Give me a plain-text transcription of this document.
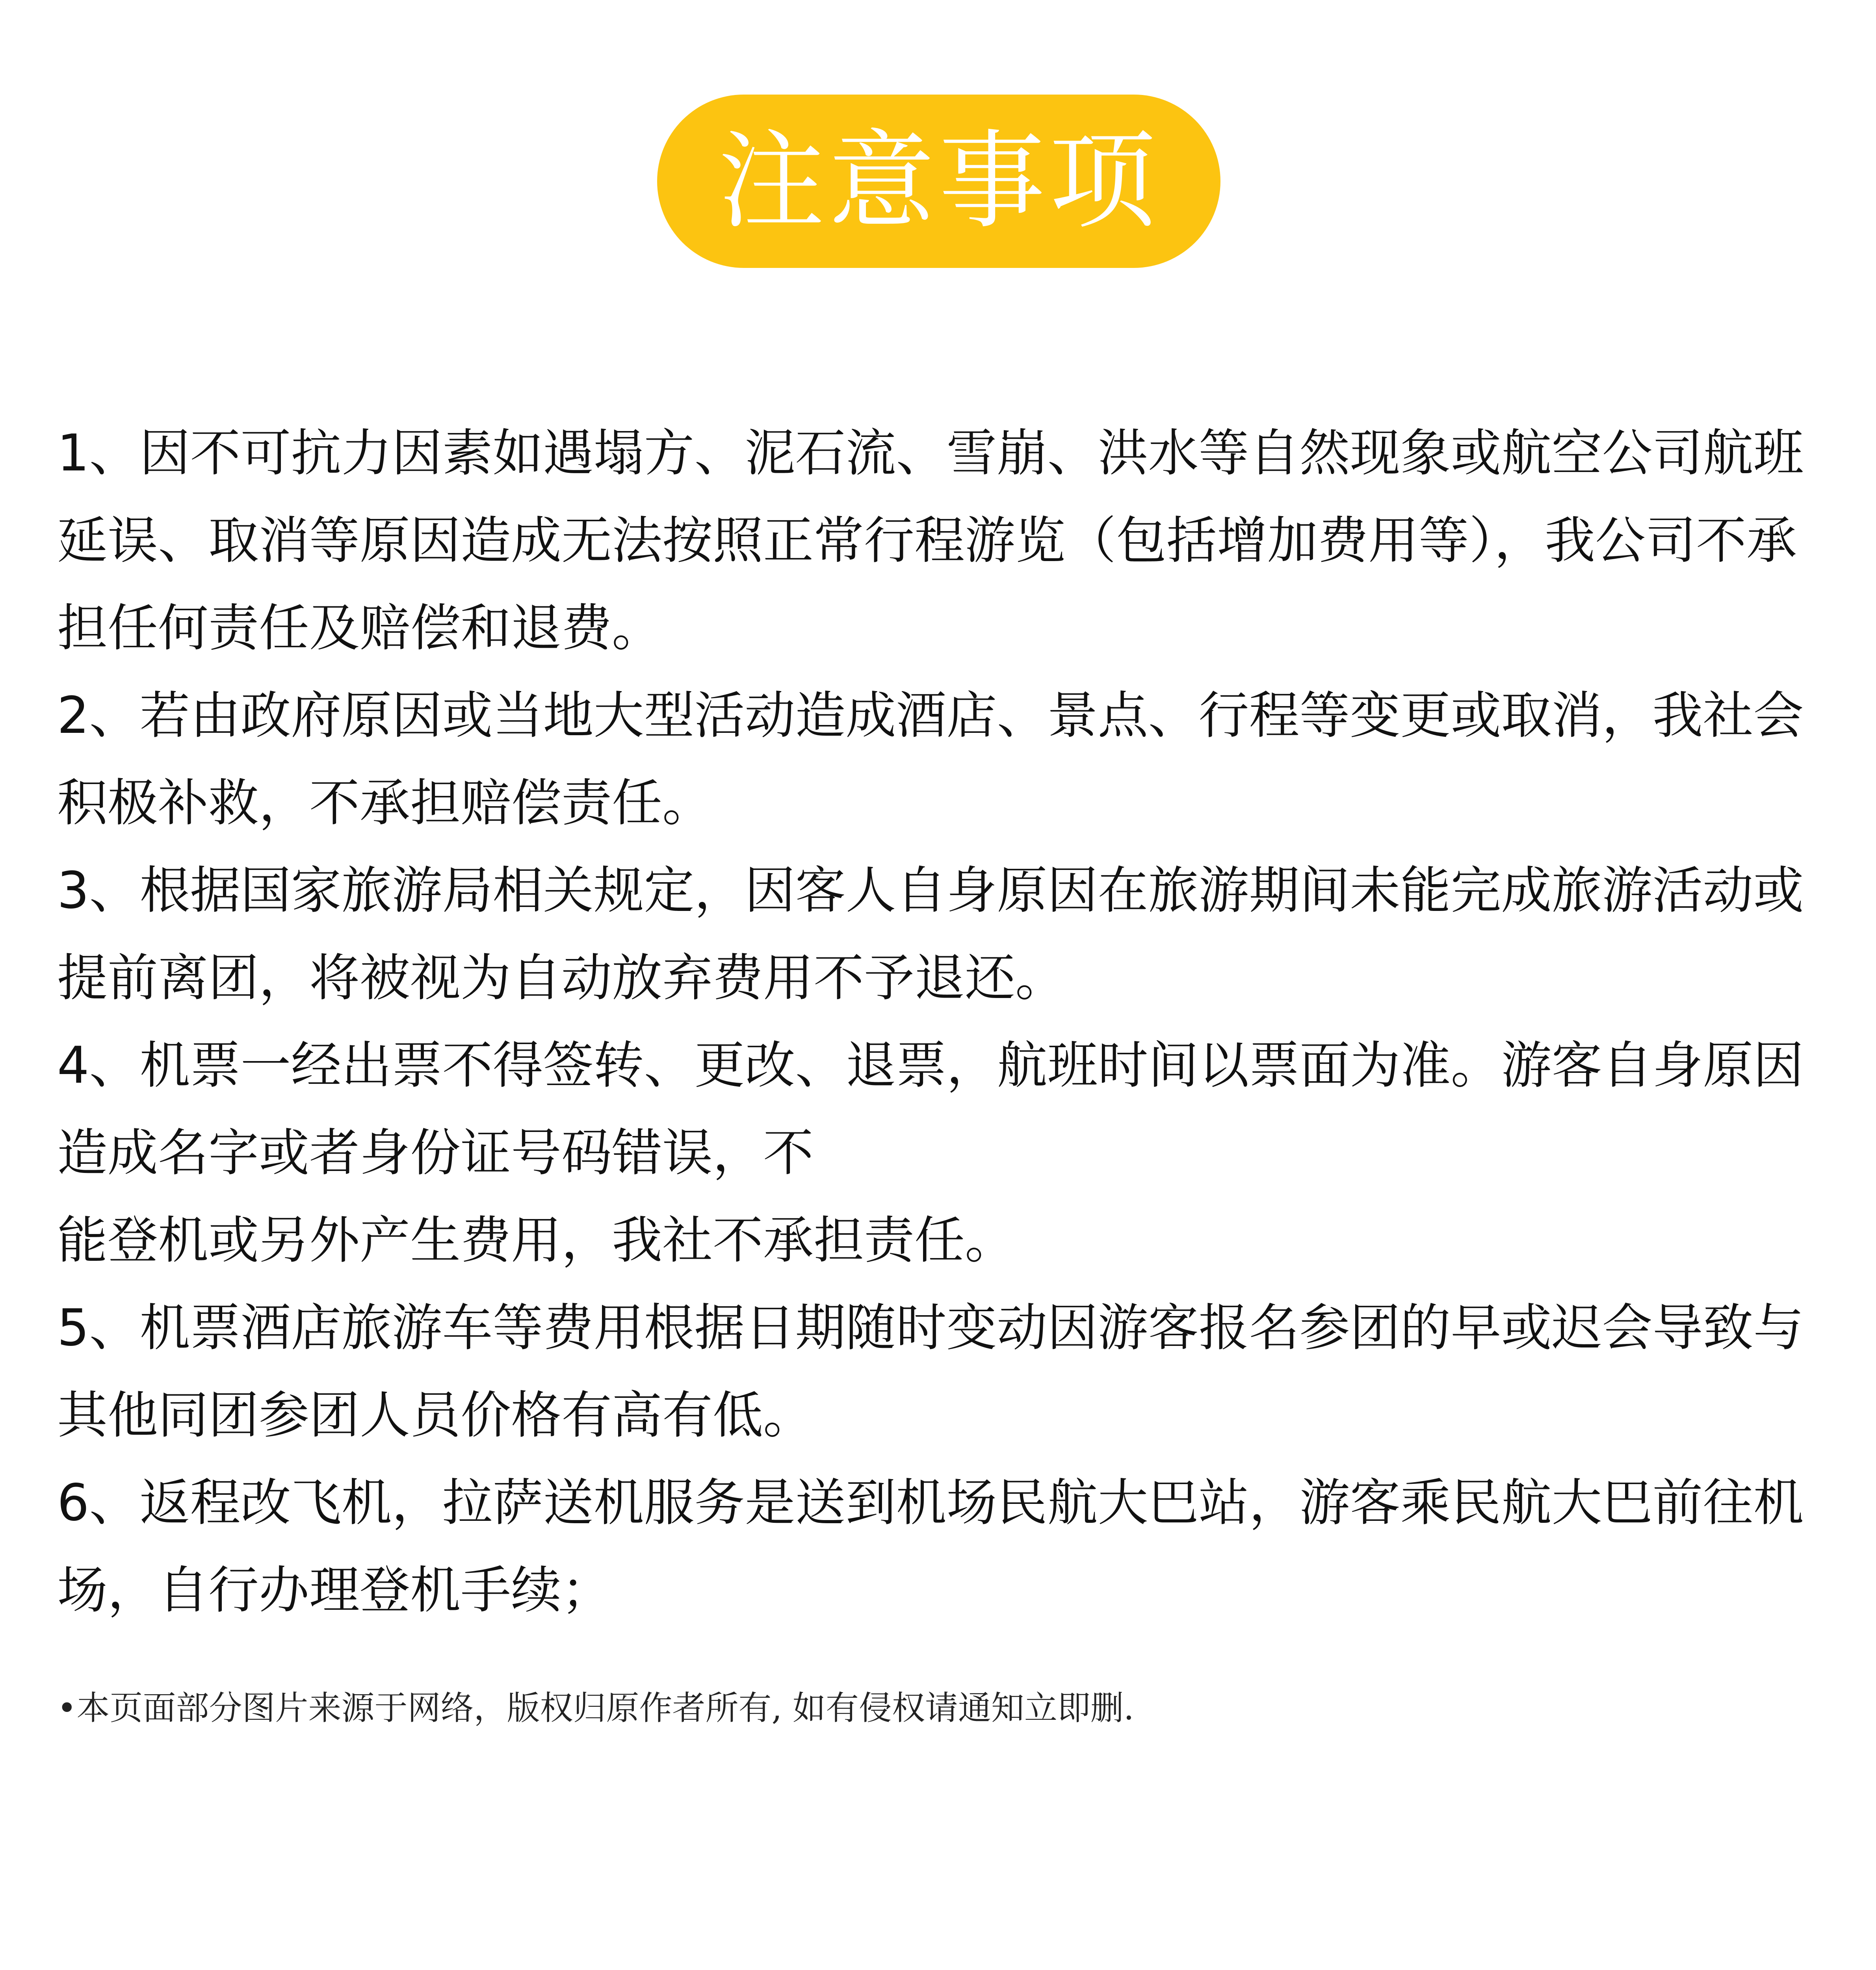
注意事项

1、因不可抗力因素如遇塌方、泥石流、雪崩、洪水等自然现象或航空公司航班
延误、取消等原因造成无法按照正常行程游览（包括增加费用等），我公司不承
担任何责任及赔偿和退费。

2、若由政府原因或当地大型活动造成酒店、景点、行程等变更或取消，我社会
积极补救，不承担赔偿责任。

3、根据国家旅游局相关规定，因客人自身原因在旅游期间未能完成旅游活动或
提前离团，将被视为自动放弃费用不予退还。

4、机票一经出票不得签转、更改、退票，航班时间以票面为准。游客自身原因
造成名字或者身份证号码错误，不
能登机或另外产生费用，我社不承担责任。

5、机票酒店旅游车等费用根据日期随时变动因游客报名参团的早或迟会导致与
其他同团参团人员价格有高有低。

6、返程改飞机，拉萨送机服务是送到机场民航大巴站，游客乘民航大巴前往机
场，自行办理登机手续；

•本页面部分图片来源于网络，版权归原作者所有, 如有侵权请通知立即删.
